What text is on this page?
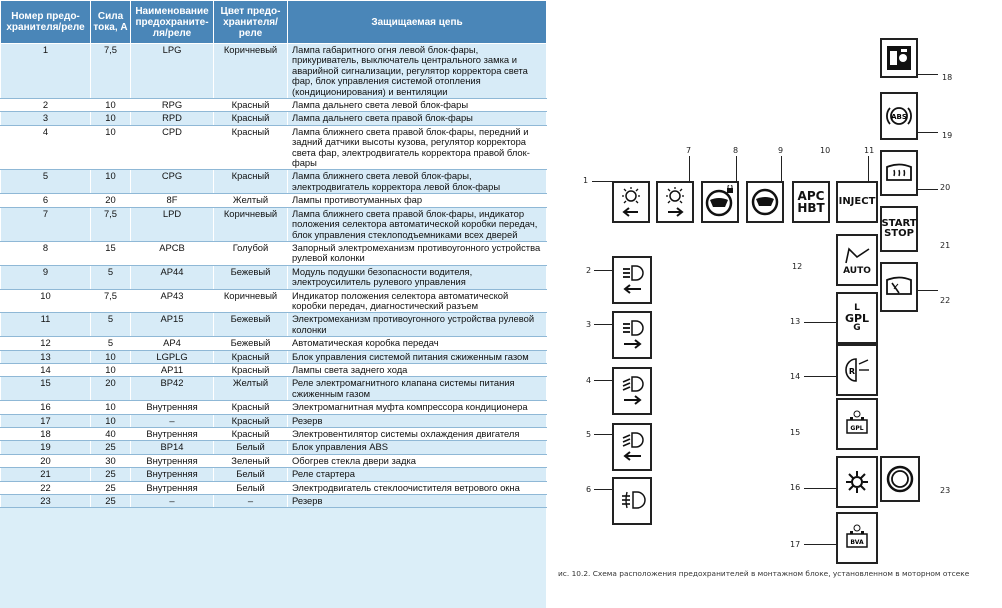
Номер предо-хранителя/реле	Сила тока, А	Наименование предохраните-ля/реле	Цвет предо-хранителя/ реле	Защищаемая цепь
1	7,5	LPG	Коричневый	Лампа габаритного огня левой блок-фары, прикуриватель, выключатель центрального замка и аварийной сигнализации, регулятор корректора света фар, блок управления системой отопления (кондиционирования) и вентиляции
2	10	RPG	Красный	Лампа дальнего света левой блок-фары
3	10	RPD	Красный	Лампа дальнего света правой блок-фары
4	10	CPD	Красный	Лампа ближнего света правой блок-фары, передний и задний датчики высоты кузова, регулятор корректора света фар, электродвигатель корректора правой блок-фары
5	10	CPG	Красный	Лампа ближнего света левой блок-фары, электродвигатель корректора левой блок-фары
6	20	8F	Желтый	Лампы противотуманных фар
7	7,5	LPD	Коричневый	Лампа ближнего света правой блок-фары, индикатор положения селектора автоматической коробки передач, блок управления стеклоподъемниками всех дверей
8	15	APCB	Голубой	Запорный электромеханизм противоугонного устройства рулевой колонки
9	5	AP44	Бежевый	Модуль подушки безопасности водителя, электроусилитель рулевого управления
10	7,5	AP43	Коричневый	Индикатор положения селектора автоматической коробки передач, диагностический разъем
11	5	AP15	Бежевый	Электромеханизм противоугонного устройства рулевой колонки
12	5	AP4	Бежевый	Автоматическая коробка передач
13	10	LGPLG	Красный	Блок управления системой питания сжиженным газом
14	10	AP11	Красный	Лампы света заднего хода
15	20	BP42	Желтый	Реле электромагнитного клапана системы питания сжиженным газом
16	10	Внутренняя	Красный	Электромагнитная муфта компрессора кондиционера
17	10	–	Красный	Резерв
18	40	Внутренняя	Красный	Электровентилятор системы охлаждения двигателя
19	25	BP14	Белый	Блок управления ABS
20	30	Внутренняя	Зеленый	Обогрев стекла двери задка
21	25	Внутренняя	Белый	Реле стартера
22	25	Внутренняя	Белый	Электродвигатель стеклоочистителя ветрового окна
23	25	–	–	Резерв
1
7	8	9	10
APC
HBT
11
INJECT
18
ABS
19
20
START
STOP
21
22
AUTO
12
L
GPL
G
13
R
14
GPL
15
16
BVA
17
23
2
3
4
5
6
ис. 10.2. Схема расположения предохранителей в монтажном блоке, установленном в моторном отсеке
